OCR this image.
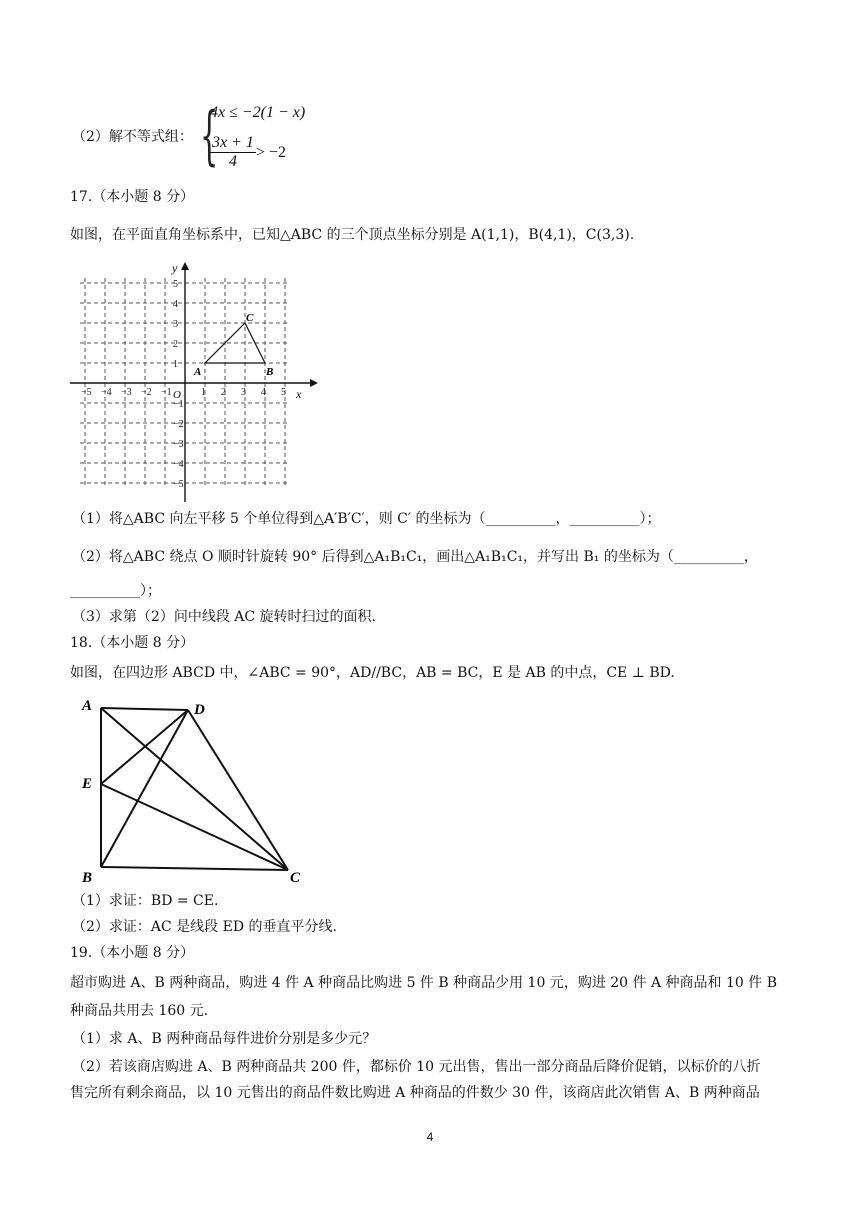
（2）解不等式组： {
4x ≤ −2(1 − x)
$\frac{3x + 1}{4} > -2$
17.（本小题 8 分）
如图，在平面直角坐标系中，已知△ABC 的三个顶点坐标分别是 A(1,1)，B(4,1)，C(3,3).
y
x
O
−5 −4 −3 −2 −1	1 2 3 4 5
5
4
3
2
1
−1
−2
−3
−4
−5
A	B
C
（1）将△ABC 向左平移 5 个单位得到△A′B′C′，则 C′ 的坐标为（__________，__________）；
（2）将△ABC 绕点 O 顺时针旋转 90° 后得到△A₁B₁C₁，画出△A₁B₁C₁，并写出 B₁ 的坐标为（__________，
__________）；
（3）求第（2）问中线段 AC 旋转时扫过的面积.
18.（本小题 8 分）
如图，在四边形 ABCD 中，∠ABC = 90°，AD//BC，AB = BC，E 是 AB 的中点，CE ⊥ BD.
A	D
E
B	C
（1）求证：BD = CE.
（2）求证：AC 是线段 ED 的垂直平分线.
19.（本小题 8 分）
超市购进 A、B 两种商品，购进 4 件 A 种商品比购进 5 件 B 种商品少用 10 元，购进 20 件 A 种商品和 10 件 B
种商品共用去 160 元.
（1）求 A、B 两种商品每件进价分别是多少元？
（2）若该商店购进 A、B 两种商品共 200 件，都标价 10 元出售，售出一部分商品后降价促销，以标价的八折
售完所有剩余商品，以 10 元售出的商品件数比购进 A 种商品的件数少 30 件，该商店此次销售 A、B 两种商品
4
